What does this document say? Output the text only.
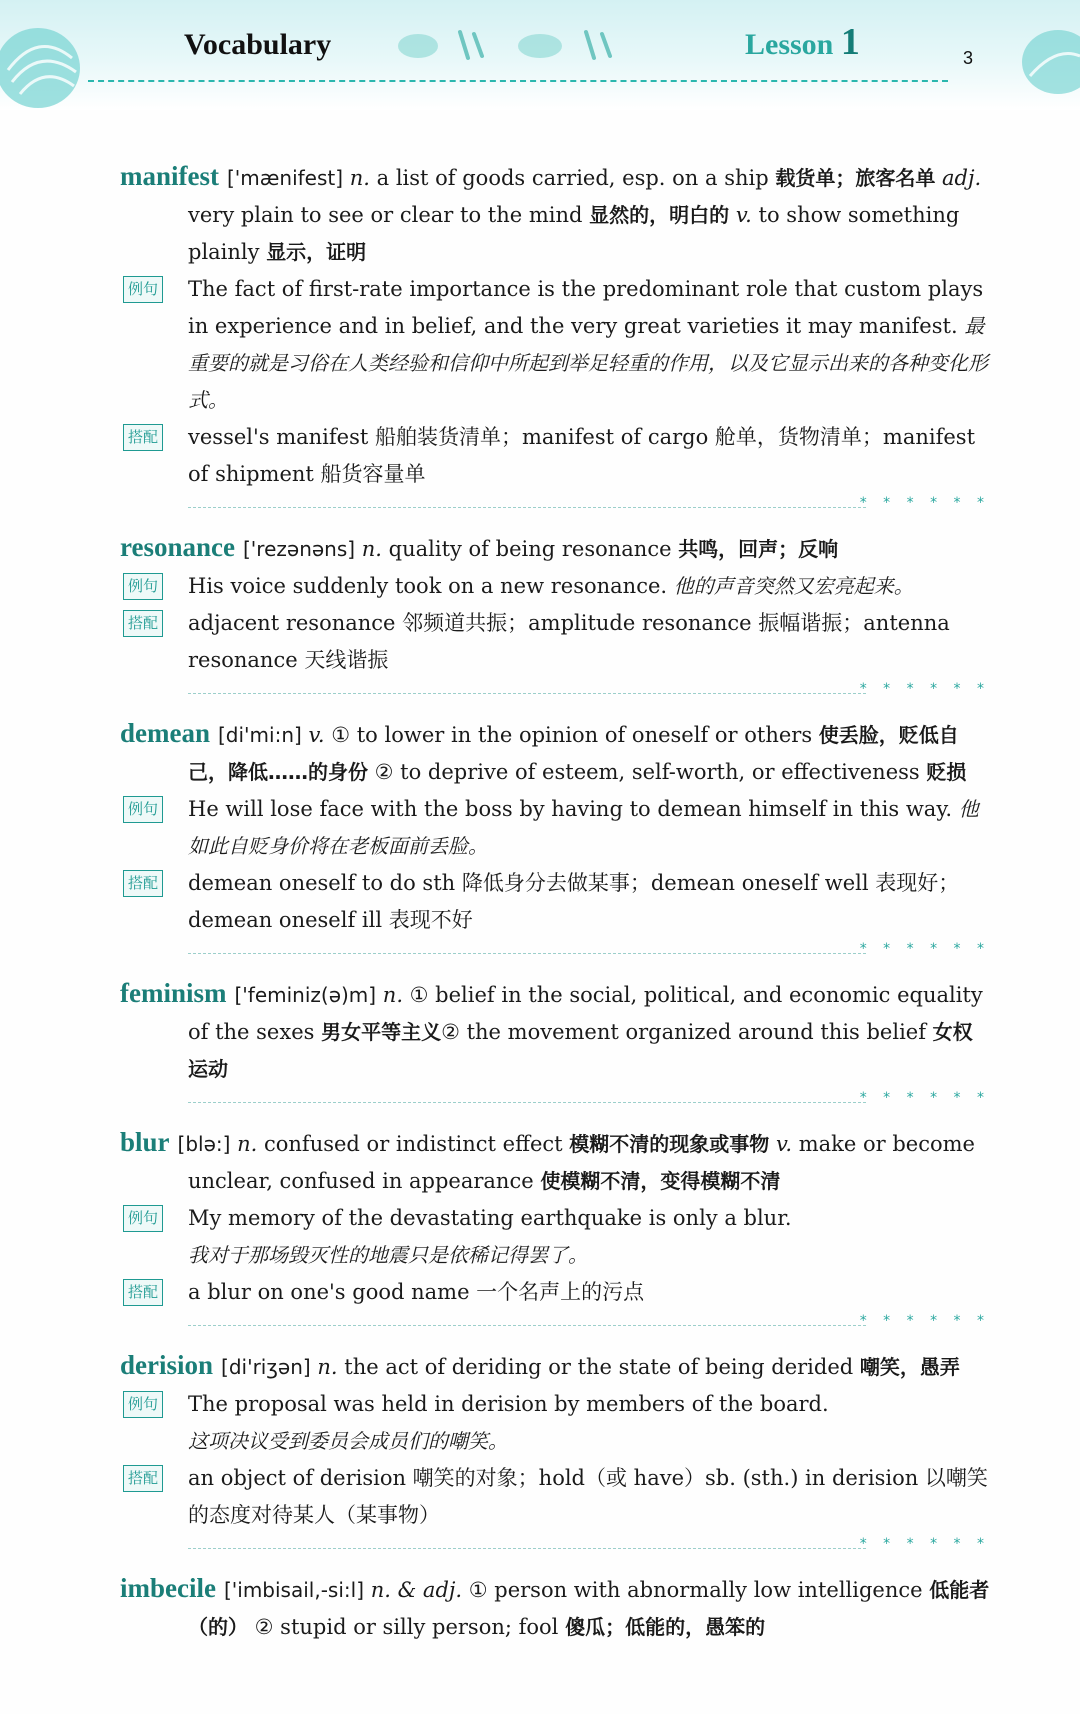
Vocabulary	Lesson 1	3
manifest ['mænifest] n. a list of goods carried, esp. on a ship 载货单；旅客名单 adj. very plain to see or clear to the mind 显然的，明白的 v. to show something plainly 显示，证明
例句 The fact of first-rate importance is the predominant role that custom plays in experience and in belief, and the very great varieties it may manifest. 最重要的就是习俗在人类经验和信仰中所起到举足轻重的作用，以及它显示出来的各种变化形式。
搭配 vessel's manifest 船舶装货清单；manifest of cargo 舱单，货物清单；manifest of shipment 船货容量单
* * * * * *
resonance ['rezənəns] n. quality of being resonance 共鸣，回声；反响
例句 His voice suddenly took on a new resonance. 他的声音突然又宏亮起来。
搭配 adjacent resonance 邻频道共振；amplitude resonance 振幅谐振；antenna resonance 天线谐振
* * * * * *
demean [di'mi:n] v. ① to lower in the opinion of oneself or others 使丢脸，贬低自己，降低……的身份 ② to deprive of esteem, self-worth, or effectiveness 贬损
例句 He will lose face with the boss by having to demean himself in this way. 他如此自贬身价将在老板面前丢脸。
搭配 demean oneself to do sth 降低身分去做某事；demean oneself well 表现好；demean oneself ill 表现不好
* * * * * *
feminism ['feminiz(ə)m] n. ① belief in the social, political, and economic equality of the sexes 男女平等主义② the movement organized around this belief 女权运动
* * * * * *
blur [blə:] n. confused or indistinct effect 模糊不清的现象或事物 v. make or become unclear, confused in appearance 使模糊不清，变得模糊不清
例句 My memory of the devastating earthquake is only a blur.
我对于那场毁灭性的地震只是依稀记得罢了。
搭配 a blur on one's good name 一个名声上的污点
* * * * * *
derision [di'riʒən] n. the act of deriding or the state of being derided 嘲笑，愚弄
例句 The proposal was held in derision by members of the board.
这项决议受到委员会成员们的嘲笑。
搭配 an object of derision 嘲笑的对象；hold（或 have）sb. (sth.) in derision 以嘲笑的态度对待某人（某事物）
* * * * * *
imbecile ['imbisail,-si:l] n. & adj. ① person with abnormally low intelligence 低能者（的） ② stupid or silly person; fool 傻瓜；低能的，愚笨的
